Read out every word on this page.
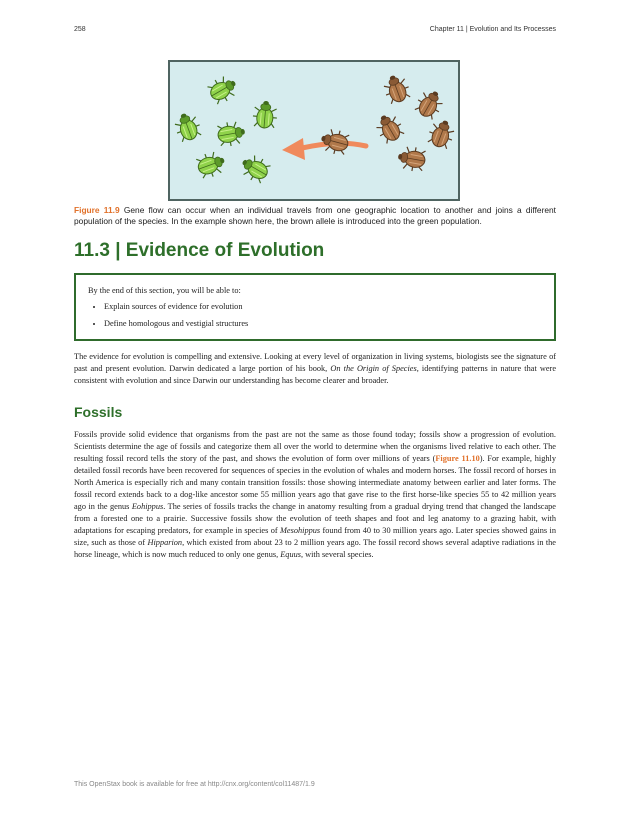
258	Chapter 11 | Evolution and Its Processes

Figure 11.9 Gene flow can occur when an individual travels from one geographic location to another and joins a different population of the species. In the example shown here, the brown allele is introduced into the green population.

11.3 | Evidence of Evolution

By the end of this section, you will be able to:

• Explain sources of evidence for evolution
• Define homologous and vestigial structures

The evidence for evolution is compelling and extensive. Looking at every level of organization in living systems, biologists see the signature of past and present evolution. Darwin dedicated a large portion of his book, On the Origin of Species, identifying patterns in nature that were consistent with evolution and since Darwin our understanding has become clearer and broader.

Fossils

Fossils provide solid evidence that organisms from the past are not the same as those found today; fossils show a progression of evolution. Scientists determine the age of fossils and categorize them all over the world to determine when the organisms lived relative to each other. The resulting fossil record tells the story of the past, and shows the evolution of form over millions of years (Figure 11.10). For example, highly detailed fossil records have been recovered for sequences of species in the evolution of whales and modern horses. The fossil record of horses in North America is especially rich and many contain transition fossils: those showing intermediate anatomy between earlier and later forms. The fossil record extends back to a dog-like ancestor some 55 million years ago that gave rise to the first horse-like species 55 to 42 million years ago in the genus Eohippus. The series of fossils tracks the change in anatomy resulting from a gradual drying trend that changed the landscape from a forested one to a prairie. Successive fossils show the evolution of teeth shapes and foot and leg anatomy to a grazing habit, with adaptations for escaping predators, for example in species of Mesohippus found from 40 to 30 million years ago. Later species showed gains in size, such as those of Hipparion, which existed from about 23 to 2 million years ago. The fossil record shows several adaptive radiations in the horse lineage, which is now much reduced to only one genus, Equus, with several species.

This OpenStax book is available for free at http://cnx.org/content/col11487/1.9
